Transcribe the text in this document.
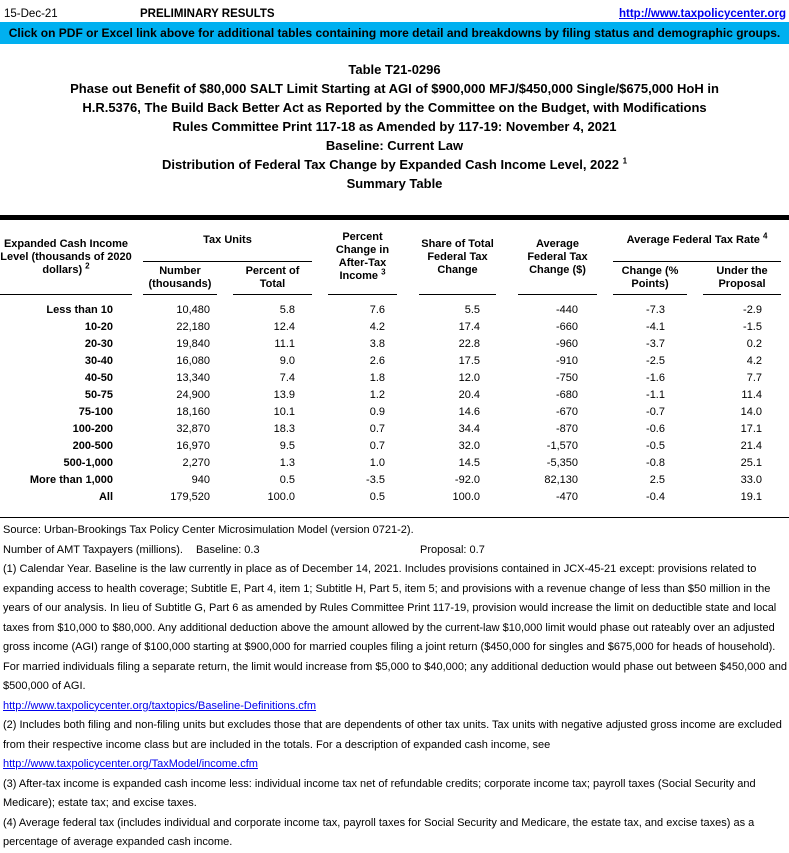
15-Dec-21	PRELIMINARY RESULTS	http://www.taxpolicycenter.org
Click on PDF or Excel link above for additional tables containing more detail and breakdowns by filing status and demographic groups.
Table T21-0296
Phase out Benefit of $80,000 SALT Limit Starting at AGI of $900,000 MFJ/$450,000 Single/$675,000 HoH in
H.R.5376, The Build Back Better Act as Reported by the Committee on the Budget, with Modifications
Rules Committee Print 117-18 as Amended by 117-19: November 4, 2021
Baseline: Current Law
Distribution of Federal Tax Change by Expanded Cash Income Level, 2022 $^1$
Summary Table
Expanded Cash Income Level (thousands of 2020 dollars) $^2$
Tax Units
Number (thousands)
Percent of Total
Percent Change in After-Tax Income $^3$
Share of Total Federal Tax Change
Average Federal Tax Change ($)
Average Federal Tax Rate $^4$
Change (% Points)
Under the Proposal
Less than 10	10,480	5.8	7.6	5.5	-440	-7.3	-2.9
10-20	22,180	12.4	4.2	17.4	-660	-4.1	-1.5
20-30	19,840	11.1	3.8	22.8	-960	-3.7	0.2
30-40	16,080	9.0	2.6	17.5	-910	-2.5	4.2
40-50	13,340	7.4	1.8	12.0	-750	-1.6	7.7
50-75	24,900	13.9	1.2	20.4	-680	-1.1	11.4
75-100	18,160	10.1	0.9	14.6	-670	-0.7	14.0
100-200	32,870	18.3	0.7	34.4	-870	-0.6	17.1
200-500	16,970	9.5	0.7	32.0	-1,570	-0.5	21.4
500-1,000	2,270	1.3	1.0	14.5	-5,350	-0.8	25.1
More than 1,000	940	0.5	-3.5	-92.0	82,130	2.5	33.0
All	179,520	100.0	0.5	100.0	-470	-0.4	19.1
Source: Urban-Brookings Tax Policy Center Microsimulation Model (version 0721-2).
Number of AMT Taxpayers (millions). Baseline: 0.3	Proposal: 0.7
(1) Calendar Year. Baseline is the law currently in place as of December 14, 2021. Includes provisions contained in JCX-45-21 except: provisions related to expanding access to health coverage; Subtitle E, Part 4, item 1; Subtitle H, Part 5, item 5; and provisions with a revenue change of less than $50 million in the years of our analysis. In lieu of Subtitle G, Part 6 as amended by Rules Committee Print 117-19, provision would increase the limit on deductible state and local taxes from $10,000 to $80,000. Any additional deduction above the amount allowed by the current-law $10,000 limit would phase out rateably over an adjusted gross income (AGI) range of $100,000 starting at $900,000 for married couples filing a joint return ($450,000 for singles and $675,000 for heads of household). For married individuals filing a separate return, the limit would increase from $5,000 to $40,000; any additional deduction would phase out between $450,000 and $500,000 of AGI.
http://www.taxpolicycenter.org/taxtopics/Baseline-Definitions.cfm
(2) Includes both filing and non-filing units but excludes those that are dependents of other tax units. Tax units with negative adjusted gross income are excluded from their respective income class but are included in the totals. For a description of expanded cash income, see
http://www.taxpolicycenter.org/TaxModel/income.cfm
(3) After-tax income is expanded cash income less: individual income tax net of refundable credits; corporate income tax; payroll taxes (Social Security and Medicare); estate tax; and excise taxes.
(4) Average federal tax (includes individual and corporate income tax, payroll taxes for Social Security and Medicare, the estate tax, and excise taxes) as a percentage of average expanded cash income.
